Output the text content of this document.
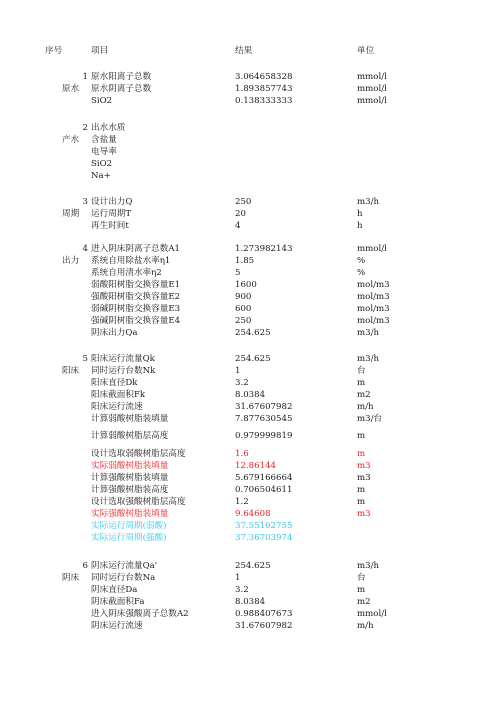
序号	项目	结果	单位
1 原水阳离子总数	3.064658328	mmol/l
原水 原水阴离子总数	1.893857743	mmol/l
SiO2	0.138333333	mmol/l
2 出水水质
产水 含盐量
电导率
SiO2
Na+
3 设计出力Q	250	m3/h
周期 运行周期T	20	h
再生时间t	4	h
4 进入阴床阴离子总数A1	1.273982143	mmol/l
出力 系统自用除盐水率η1	1.85	%
系统自用清水率η2	5	%
弱酸阳树脂交换容量E1	1600	mol/m3
强酸阳树脂交换容量E2	900	mol/m3
弱碱阴树脂交换容量E3	600	mol/m3
强碱阴树脂交换容量E4	250	mol/m3
阴床出力Qa	254.625	m3/h
5 阳床运行流量Qk	254.625	m3/h
阳床 同时运行台数Nk	1	台
阳床直径Dk	3.2	m
阳床截面积Fk	8.0384	m2
阳床运行流速	31.67607982	m/h
计算弱酸树脂装填量	7.877630545	m3/台
计算弱酸树脂层高度	0.979999819	m
设计选取弱酸树脂层高度	1.6	m
实际弱酸树脂装填量	12.86144	m3
计算强酸树脂装填量	5.679166664	m3
计算强酸树脂装高度	0.706504611	m
设计选取强酸树脂层高度	1.2	m
实际强酸树脂装填量	9.64608	m3
实际运行周期(弱酸)	37.55102755
实际运行周期(强酸)	37.36703974
6 阴床运行流量Qa'	254.625	m3/h
阴床 同时运行台数Na	1	台
阴床直径Da	3.2	m
阴床截面积Fa	8.0384	m2
进入阴床强酸离子总数A2	0.988407673	mmol/l
阴床运行流速	31.67607982	m/h
